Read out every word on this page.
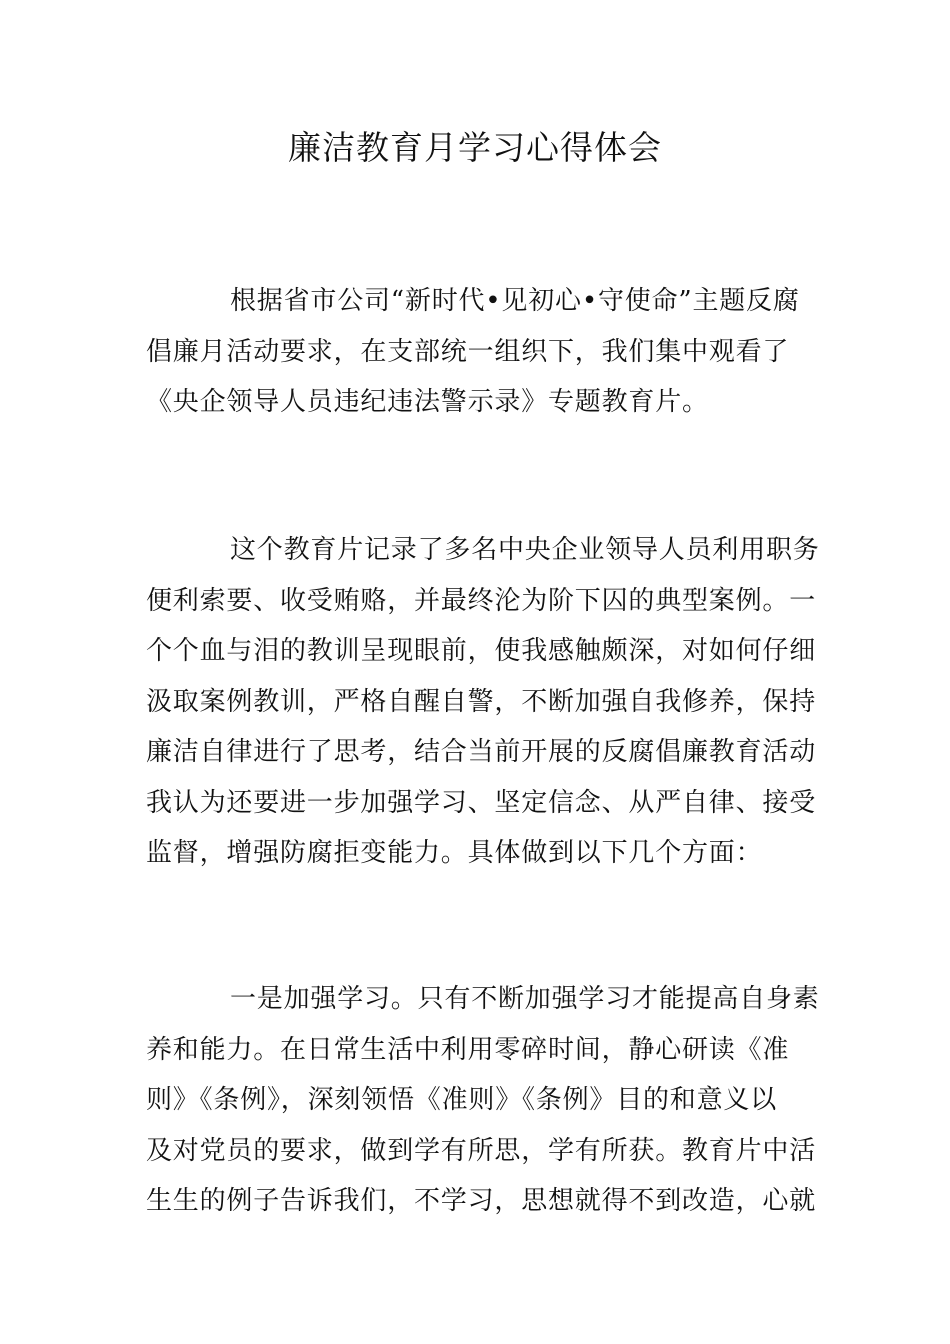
廉洁教育月学习心得体会
根据省市公司“新时代•见初心•守使命”主题反腐
倡廉月活动要求，在支部统一组织下，我们集中观看了
《央企领导人员违纪违法警示录》专题教育片。
这个教育片记录了多名中央企业领导人员利用职务
便利索要、收受贿赂，并最终沦为阶下囚的典型案例。一
个个血与泪的教训呈现眼前，使我感触颇深，对如何仔细
汲取案例教训，严格自醒自警，不断加强自我修养，保持
廉洁自律进行了思考，结合当前开展的反腐倡廉教育活动
我认为还要进一步加强学习、坚定信念、从严自律、接受
监督，增强防腐拒变能力。具体做到以下几个方面：
一是加强学习。只有不断加强学习才能提高自身素
养和能力。在日常生活中利用零碎时间，静心研读《准
则》《条例》，深刻领悟《准则》《条例》目的和意义以
及对党员的要求，做到学有所思，学有所获。教育片中活
生生的例子告诉我们，不学习，思想就得不到改造，心就
